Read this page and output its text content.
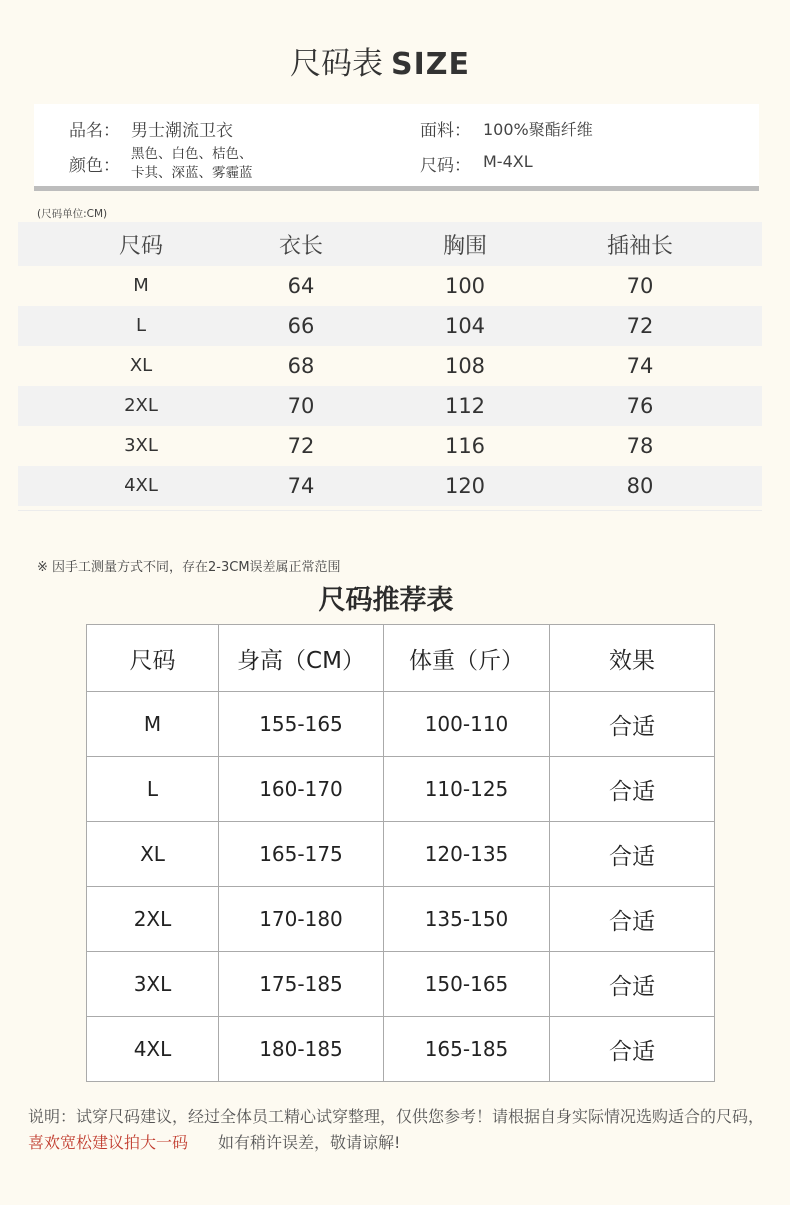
尺码表 SIZE
品名： 男士潮流卫衣	面料： 100%聚酯纤维
颜色：
黑色、白色、桔色、
卡其、深蓝、雾霾蓝	尺码： M-4XL
(尺码单位:CM)
尺码	衣长	胸围	插袖长
M	64	100	70
L	66	104	72
XL	68	108	74
2XL	70	112	76
3XL	72	116	78
4XL	74	120	80
※ 因手工测量方式不同，存在2-3CM误差属正常范围
尺码推荐表
尺码	身高（CM）	体重（斤）	效果
M	155-165	100-110	合适
L	160-170	110-125	合适
XL	165-175	120-135	合适
2XL	170-180	135-150	合适
3XL	175-185	150-165	合适
4XL	180-185	165-185	合适
说明：试穿尺码建议，经过全体员工精心试穿整理，仅供您参考！请根据自身实际情况选购适合的尺码，喜欢宽松建议拍大一码 如有稍许误差，敬请谅解!
